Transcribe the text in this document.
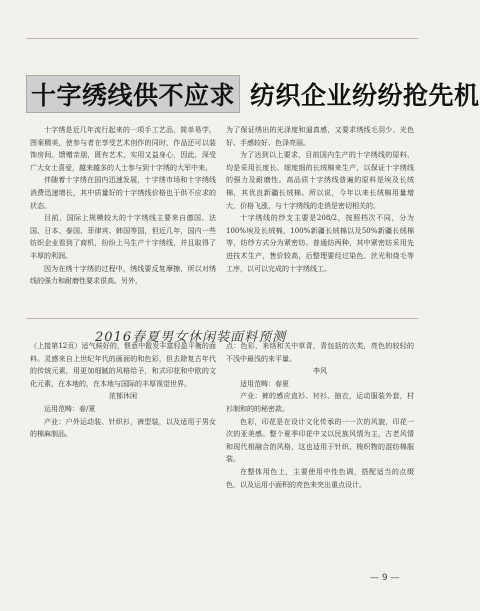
十字绣线供不应求 纺织企业纷纷抢先机

十字绣是近几年流行起来的一项手工艺品，简单易学，图案精美，使参与者在享受艺术创作的同时，作品还可以装饰房间、馈赠亲朋，既有艺术，实用又益身心，因此，深受广大女士喜爱，越来越多的人士参与到十字绣的大军中来。

伴随着十字绣在国内迅速发展，十字绣市场和十字绣线消费迅速增长，其中质量好的十字绣线价格也于供不应求的状态。

目前，国际上规模较大的十字绣线主要来自德国、法国、日本、泰国、菲律宾、韩国等国，但近几年，国内一些纺织企业看到了商机，纷纷上马生产十字绣线，并且取得了丰厚的利润。

因为在绣十字绣的过程中，绣线要反复摩擦，所以对绣线的强力和耐磨性要求很高。另外，

为了保证绣出的光泽度和逼真感，又要求绣线毛羽少、光色好、手感较好、色泽亮丽。

为了达到以上要求，目前国内生产的十字绣线的原料，均是采用长度长、细度细的长绒棉来生产，以保证十字绣线的强力及耐磨性。高品质十字绣线普遍的原料是埃及长绒棉，其优良新疆长绒棉。所以说，今年以来长绒棉用量增大，价格飞涨，与十字绣线的走俏是密切相关的。

十字绣线的纱支主要是208/2，按照档次不同，分为100%埃及长绒棉，100%新疆长绒棉以及50%新疆长绒棉等，纺纱方式分为紧密纺、普通纺两种，其中紧密纺采用先进技术生产，售价较高，后整理要经过染色、丝光和烧毛等工序，以可以完成的十字绣线工。

2016春夏男女休闲装面料预测

（上接第12页）适气候好的，惬意中散发丰富轻盈平衡的面料。灵感来自上世纪年代的画面的和色彩，但去除复古年代的传统元素，用更加细腻的风格给予，和式印花和中欧的文化元素，在本地的，在本地与国际的丰厚视觉世界。

浓郁休闲

运用范畴：春/夏

产业：户外运动装、针织衫，裤型装，以及适用于男女的棉麻制品。

点：色彩，来络和关中草青，青包括的次类，亮色的较轻的不浅中最浅的来平量。

李风

适用范畴：春夏

产业：裤的感应直衫、衬衫、抽衣，运动服装外套，村衫制和的的秘密款。

色彩，印花是在设计文化传承的一一次的风貌，印花一次的亚美感。整个夏季印花中又以民族风情为主，古老风情和现代相融合的风格，这也适用于针织、梭织物的混纺棉服装。

在整体用色上，主要使用中性色调，搭配适当的点缀色，以及运用小面积的亮色来突出重点设计。

— 9 —
